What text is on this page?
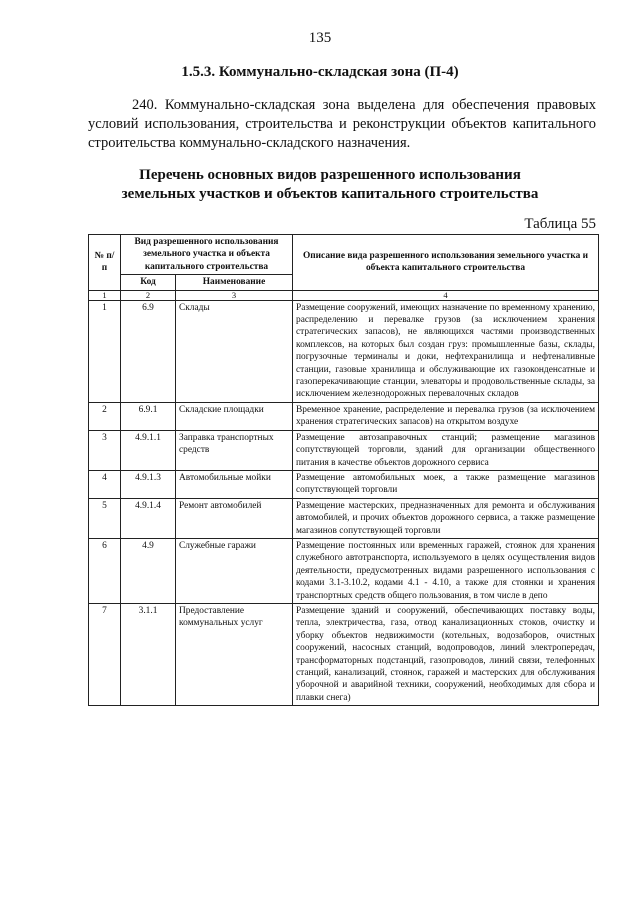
135
1.5.3. Коммунально-складская зона (П-4)
240. Коммунально-складская зона выделена для обеспечения правовых условий использования, строительства и реконструкции объектов капитального строительства коммунально-складского назначения.
Перечень основных видов разрешенного использования
земельных участков и объектов капитального строительства
Таблица 55
№ п/п	Вид разрешенного использования земельного участка и объекта капитального строительства		Описание вида разрешенного использования земельного участка и объекта капитального строительства
	Код	Наименование	
1	2	3	4
1	6.9	Склады	Размещение сооружений, имеющих назначение по временному хранению, распределению и перевалке грузов (за исключением хранения стратегических запасов), не являющихся частями производственных комплексов, на которых был создан груз: промышленные базы, склады, погрузочные терминалы и доки, нефтехранилища и нефтеналивные станции, газовые хранилища и обслуживающие их газоконденсатные и газоперекачивающие станции, элеваторы и продовольственные склады, за исключением железнодорожных перевалочных складов
2	6.9.1	Складские площадки	Временное хранение, распределение и перевалка грузов (за исключением хранения стратегических запасов) на открытом воздухе
3	4.9.1.1	Заправка транспортных средств	Размещение автозаправочных станций; размещение магазинов сопутствующей торговли, зданий для организации общественного питания в качестве объектов дорожного сервиса
4	4.9.1.3	Автомобильные мойки	Размещение автомобильных моек, а также размещение магазинов сопутствующей торговли
5	4.9.1.4	Ремонт автомобилей	Размещение мастерских, предназначенных для ремонта и обслуживания автомобилей, и прочих объектов дорожного сервиса, а также размещение магазинов сопутствующей торговли
6	4.9	Служебные гаражи	Размещение постоянных или временных гаражей, стоянок для хранения служебного автотранспорта, используемого в целях осуществления видов деятельности, предусмотренных видами разрешенного использования с кодами 3.1-3.10.2, кодами 4.1 - 4.10, а также для стоянки и хранения транспортных средств общего пользования, в том числе в депо
7	3.1.1	Предоставление коммунальных услуг	Размещение зданий и сооружений, обеспечивающих поставку воды, тепла, электричества, газа, отвод канализационных стоков, очистку и уборку объектов недвижимости (котельных, водозаборов, очистных сооружений, насосных станций, водопроводов, линий электропередач, трансформаторных подстанций, газопроводов, линий связи, телефонных станций, канализаций, стоянок, гаражей и мастерских для обслуживания уборочной и аварийной техники, сооружений, необходимых для сбора и плавки снега)
